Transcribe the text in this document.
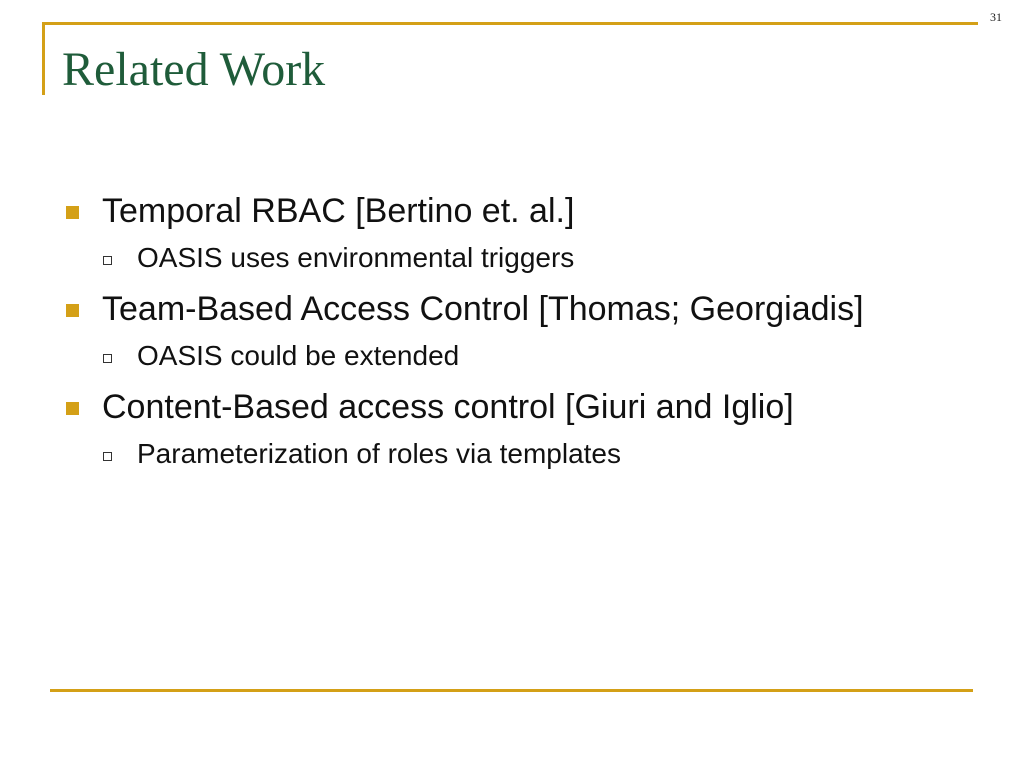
31
Related Work
Temporal RBAC [Bertino et. al.]
OASIS uses environmental triggers
Team-Based Access Control [Thomas; Georgiadis]
OASIS could be extended
Content-Based access control [Giuri and Iglio]
Parameterization of roles via templates
